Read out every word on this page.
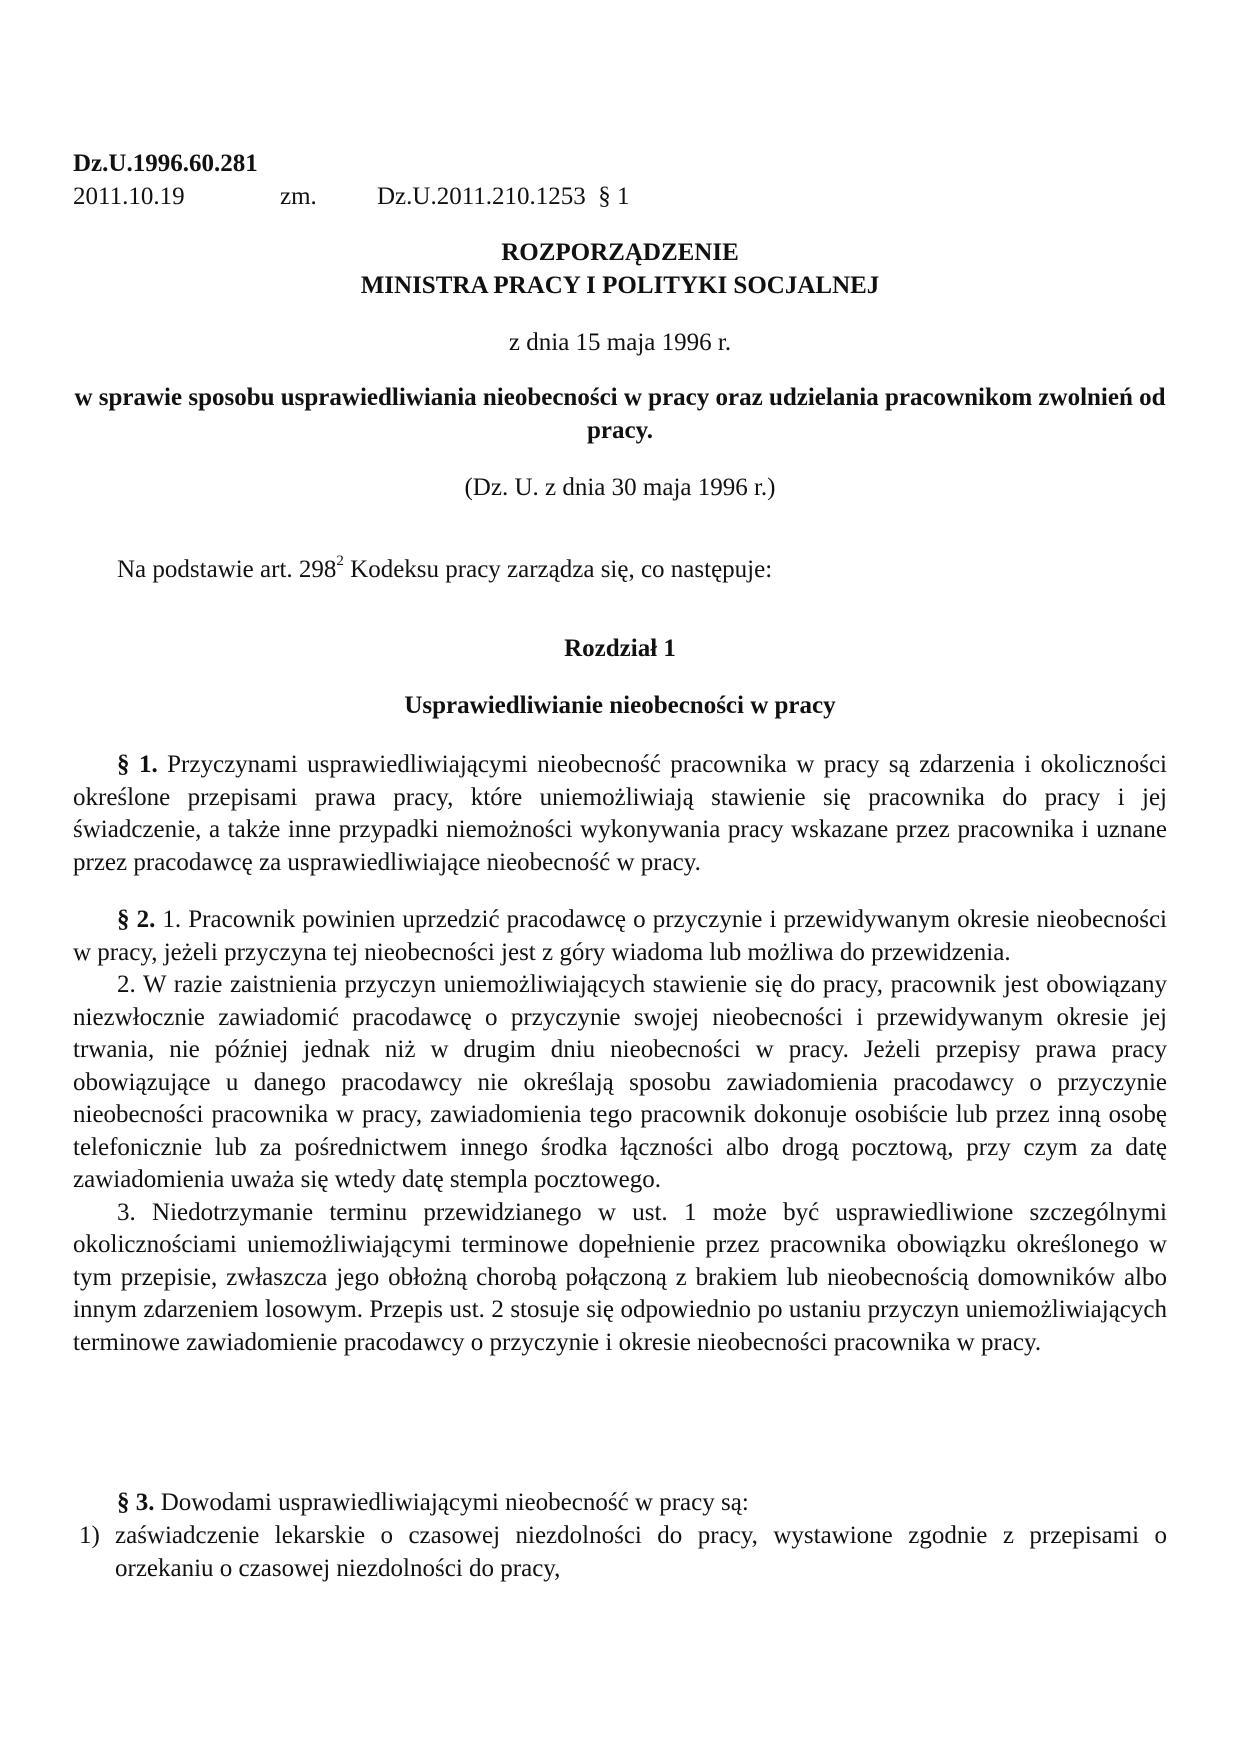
Dz.U.1996.60.281
2011.10.19	zm. Dz.U.2011.210.1253 § 1
ROZPORZĄDZENIE
MINISTRA PRACY I POLITYKI SOCJALNEJ
z dnia 15 maja 1996 r.
w sprawie sposobu usprawiedliwiania nieobecności w pracy oraz udzielania pracownikom zwolnień od pracy.
(Dz. U. z dnia 30 maja 1996 r.)
Na podstawie art. $298^2$ Kodeksu pracy zarządza się, co następuje:
Rozdział 1
Usprawiedliwianie nieobecności w pracy

§ 1. Przyczynami usprawiedliwiającymi nieobecność pracownika w pracy są zdarzenia i okoliczności określone przepisami prawa pracy, które uniemożliwiają stawienie się pracownika do pracy i jej świadczenie, a także inne przypadki niemożności wykonywania pracy wskazane przez pracownika i uznane przez pracodawcę za usprawiedliwiające nieobecność w pracy.

§ 2. 1. Pracownik powinien uprzedzić pracodawcę o przyczynie i przewidywanym okresie nieobecności w pracy, jeżeli przyczyna tej nieobecności jest z góry wiadoma lub możliwa do przewidzenia.

2. W razie zaistnienia przyczyn uniemożliwiających stawienie się do pracy, pracownik jest obowiązany niezwłocznie zawiadomić pracodawcę o przyczynie swojej nieobecności i przewidywanym okresie jej trwania, nie później jednak niż w drugim dniu nieobecności w pracy. Jeżeli przepisy prawa pracy obowiązujące u danego pracodawcy nie określają sposobu zawiadomienia pracodawcy o przyczynie nieobecności pracownika w pracy, zawiadomienia tego pracownik dokonuje osobiście lub przez inną osobę telefonicznie lub za pośrednictwem innego środka łączności albo drogą pocztową, przy czym za datę zawiadomienia uważa się wtedy datę stempla pocztowego.

3. Niedotrzymanie terminu przewidzianego w ust. 1 może być usprawiedliwione szczególnymi okolicznościami uniemożliwiającymi terminowe dopełnienie przez pracownika obowiązku określonego w tym przepisie, zwłaszcza jego obłożną chorobą połączoną z brakiem lub nieobecnością domowników albo innym zdarzeniem losowym. Przepis ust. 2 stosuje się odpowiednio po ustaniu przyczyn uniemożliwiających terminowe zawiadomienie pracodawcy o przyczynie i okresie nieobecności pracownika w pracy.

§ 3. Dowodami usprawiedliwiającymi nieobecność w pracy są:

1) zaświadczenie lekarskie o czasowej niezdolności do pracy, wystawione zgodnie z przepisami o orzekaniu o czasowej niezdolności do pracy,
